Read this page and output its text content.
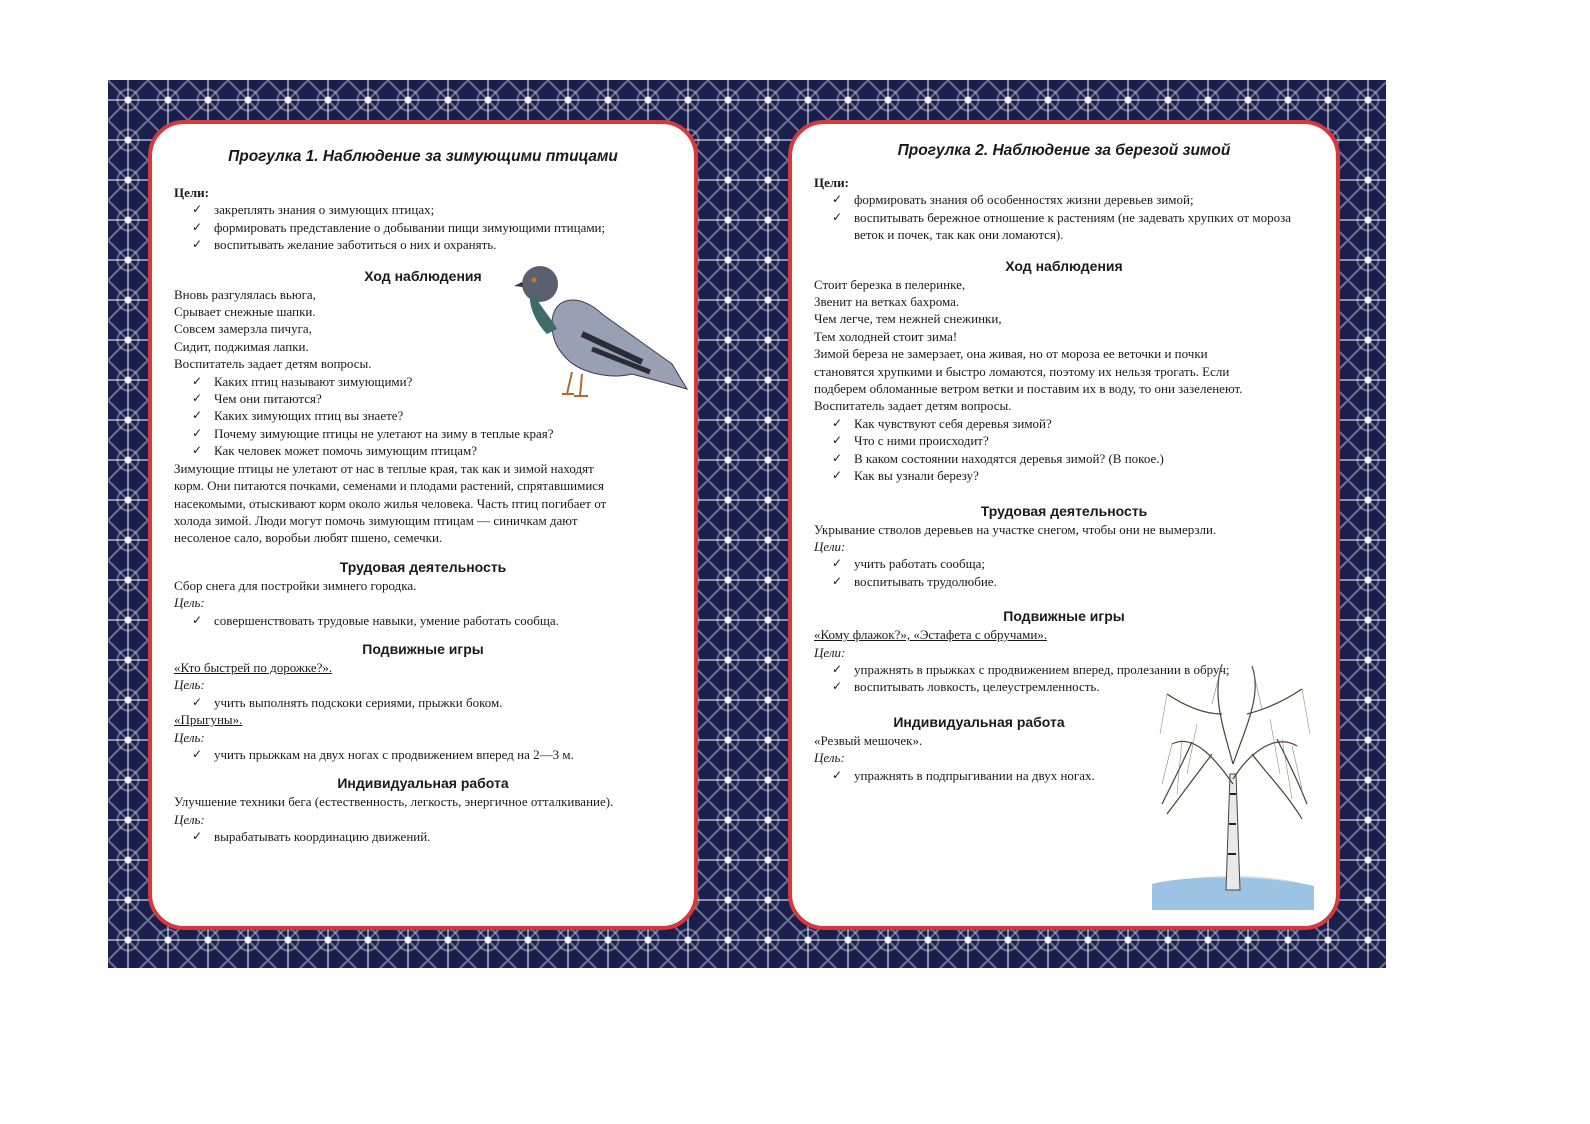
Прогулка 1. Наблюдение за зимующими птицами

Цели:

✓ закреплять знания о зимующих птицах;
✓ формировать представление о добывании пищи зимующими птицами;
✓ воспитывать желание заботиться о них и охранять.
Ход наблюдения

Вновь разгулялась вьюга,

Срывает снежные шапки.

Совсем замерзла пичуга,

Сидит, поджимая лапки.

Воспитатель задает детям вопросы.

✓ Каких птиц называют зимующими?
✓ Чем они питаются?
✓ Каких зимующих птиц вы знаете?
✓ Почему зимующие птицы не улетают на зиму в теплые края?
✓ Как человек может помочь зимующим птицам?

Зимующие птицы не улетают от нас в теплые края, так как и зимой находят

корм. Они питаются почками, семенами и плодами растений, спрятавшимися

насекомыми, отыскивают корм около жилья человека. Часть птиц погибает от

холода зимой. Люди могут помочь зимующим птицам — синичкам дают

несоленое сало, воробьи любят пшено, семечки.

Трудовая деятельность

Сбор снега для постройки зимнего городка.

Цель:

✓ совершенствовать трудовые навыки, умение работать сообща.
Подвижные игры

«Кто быстрей по дорожке?».

Цель:

✓ учить выполнять подскоки сериями, прыжки боком.

«Прыгуны».

Цель:

✓ учить прыжкам на двух ногах с продвижением вперед на 2—3 м.
Индивидуальная работа

Улучшение техники бега (естественность, легкость, энергичное отталкивание).

Цель:

✓ вырабатывать координацию движений.
Прогулка 2. Наблюдение за березой зимой

Цели:

✓ формировать знания об особенностях жизни деревьев зимой;
✓ воспитывать бережное отношение к растениям (не задевать хрупких от мороза веток и почек, так как они ломаются).
Ход наблюдения

Стоит березка в пелеринке,

Звенит на ветках бахрома.

Чем легче, тем нежней снежинки,

Тем холодней стоит зима!

Зимой береза не замерзает, она живая, но от мороза ее веточки и почки

становятся хрупкими и быстро ломаются, поэтому их нельзя трогать. Если

подберем обломанные ветром ветки и поставим их в воду, то они зазеленеют.

Воспитатель задает детям вопросы.

✓ Как чувствуют себя деревья зимой?
✓ Что с ними происходит?
✓ В каком состоянии находятся деревья зимой? (В покое.)
✓ Как вы узнали березу?
Трудовая деятельность

Укрывание стволов деревьев на участке снегом, чтобы они не вымерзли.

Цели:

✓ учить работать сообща;
✓ воспитывать трудолюбие.
Подвижные игры

«Кому флажок?», «Эстафета с обручами».

Цели:

✓ упражнять в прыжках с продвижением вперед, пролезании в обруч;
✓ воспитывать ловкость, целеустремленность.
Индивидуальная работа

«Резвый мешочек».

Цель:

✓ упражнять в подпрыгивании на двух ногах.
